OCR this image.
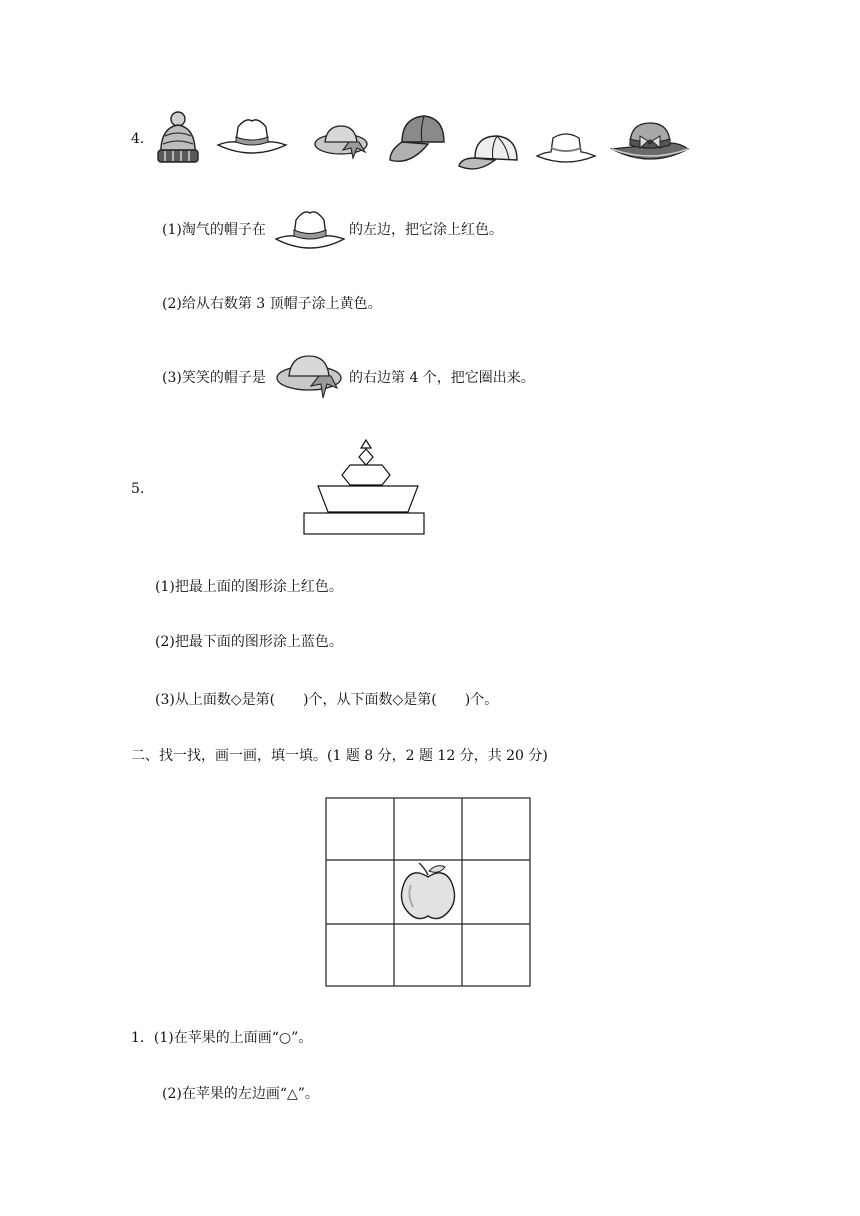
4.
(1)淘气的帽子在	的左边，把它涂上红色。
(2)给从右数第 3 顶帽子涂上黄色。
(3)笑笑的帽子是	的右边第 4 个，把它圈出来。
5.
(1)把最上面的图形涂上红色。
(2)把最下面的图形涂上蓝色。
(3)从上面数◇是第(　　)个，从下面数◇是第(　　)个。
二、找一找，画一画，填一填。(1 题 8 分，2 题 12 分，共 20 分)
1．(1)在苹果的上面画“○”。
(2)在苹果的左边画“△”。
